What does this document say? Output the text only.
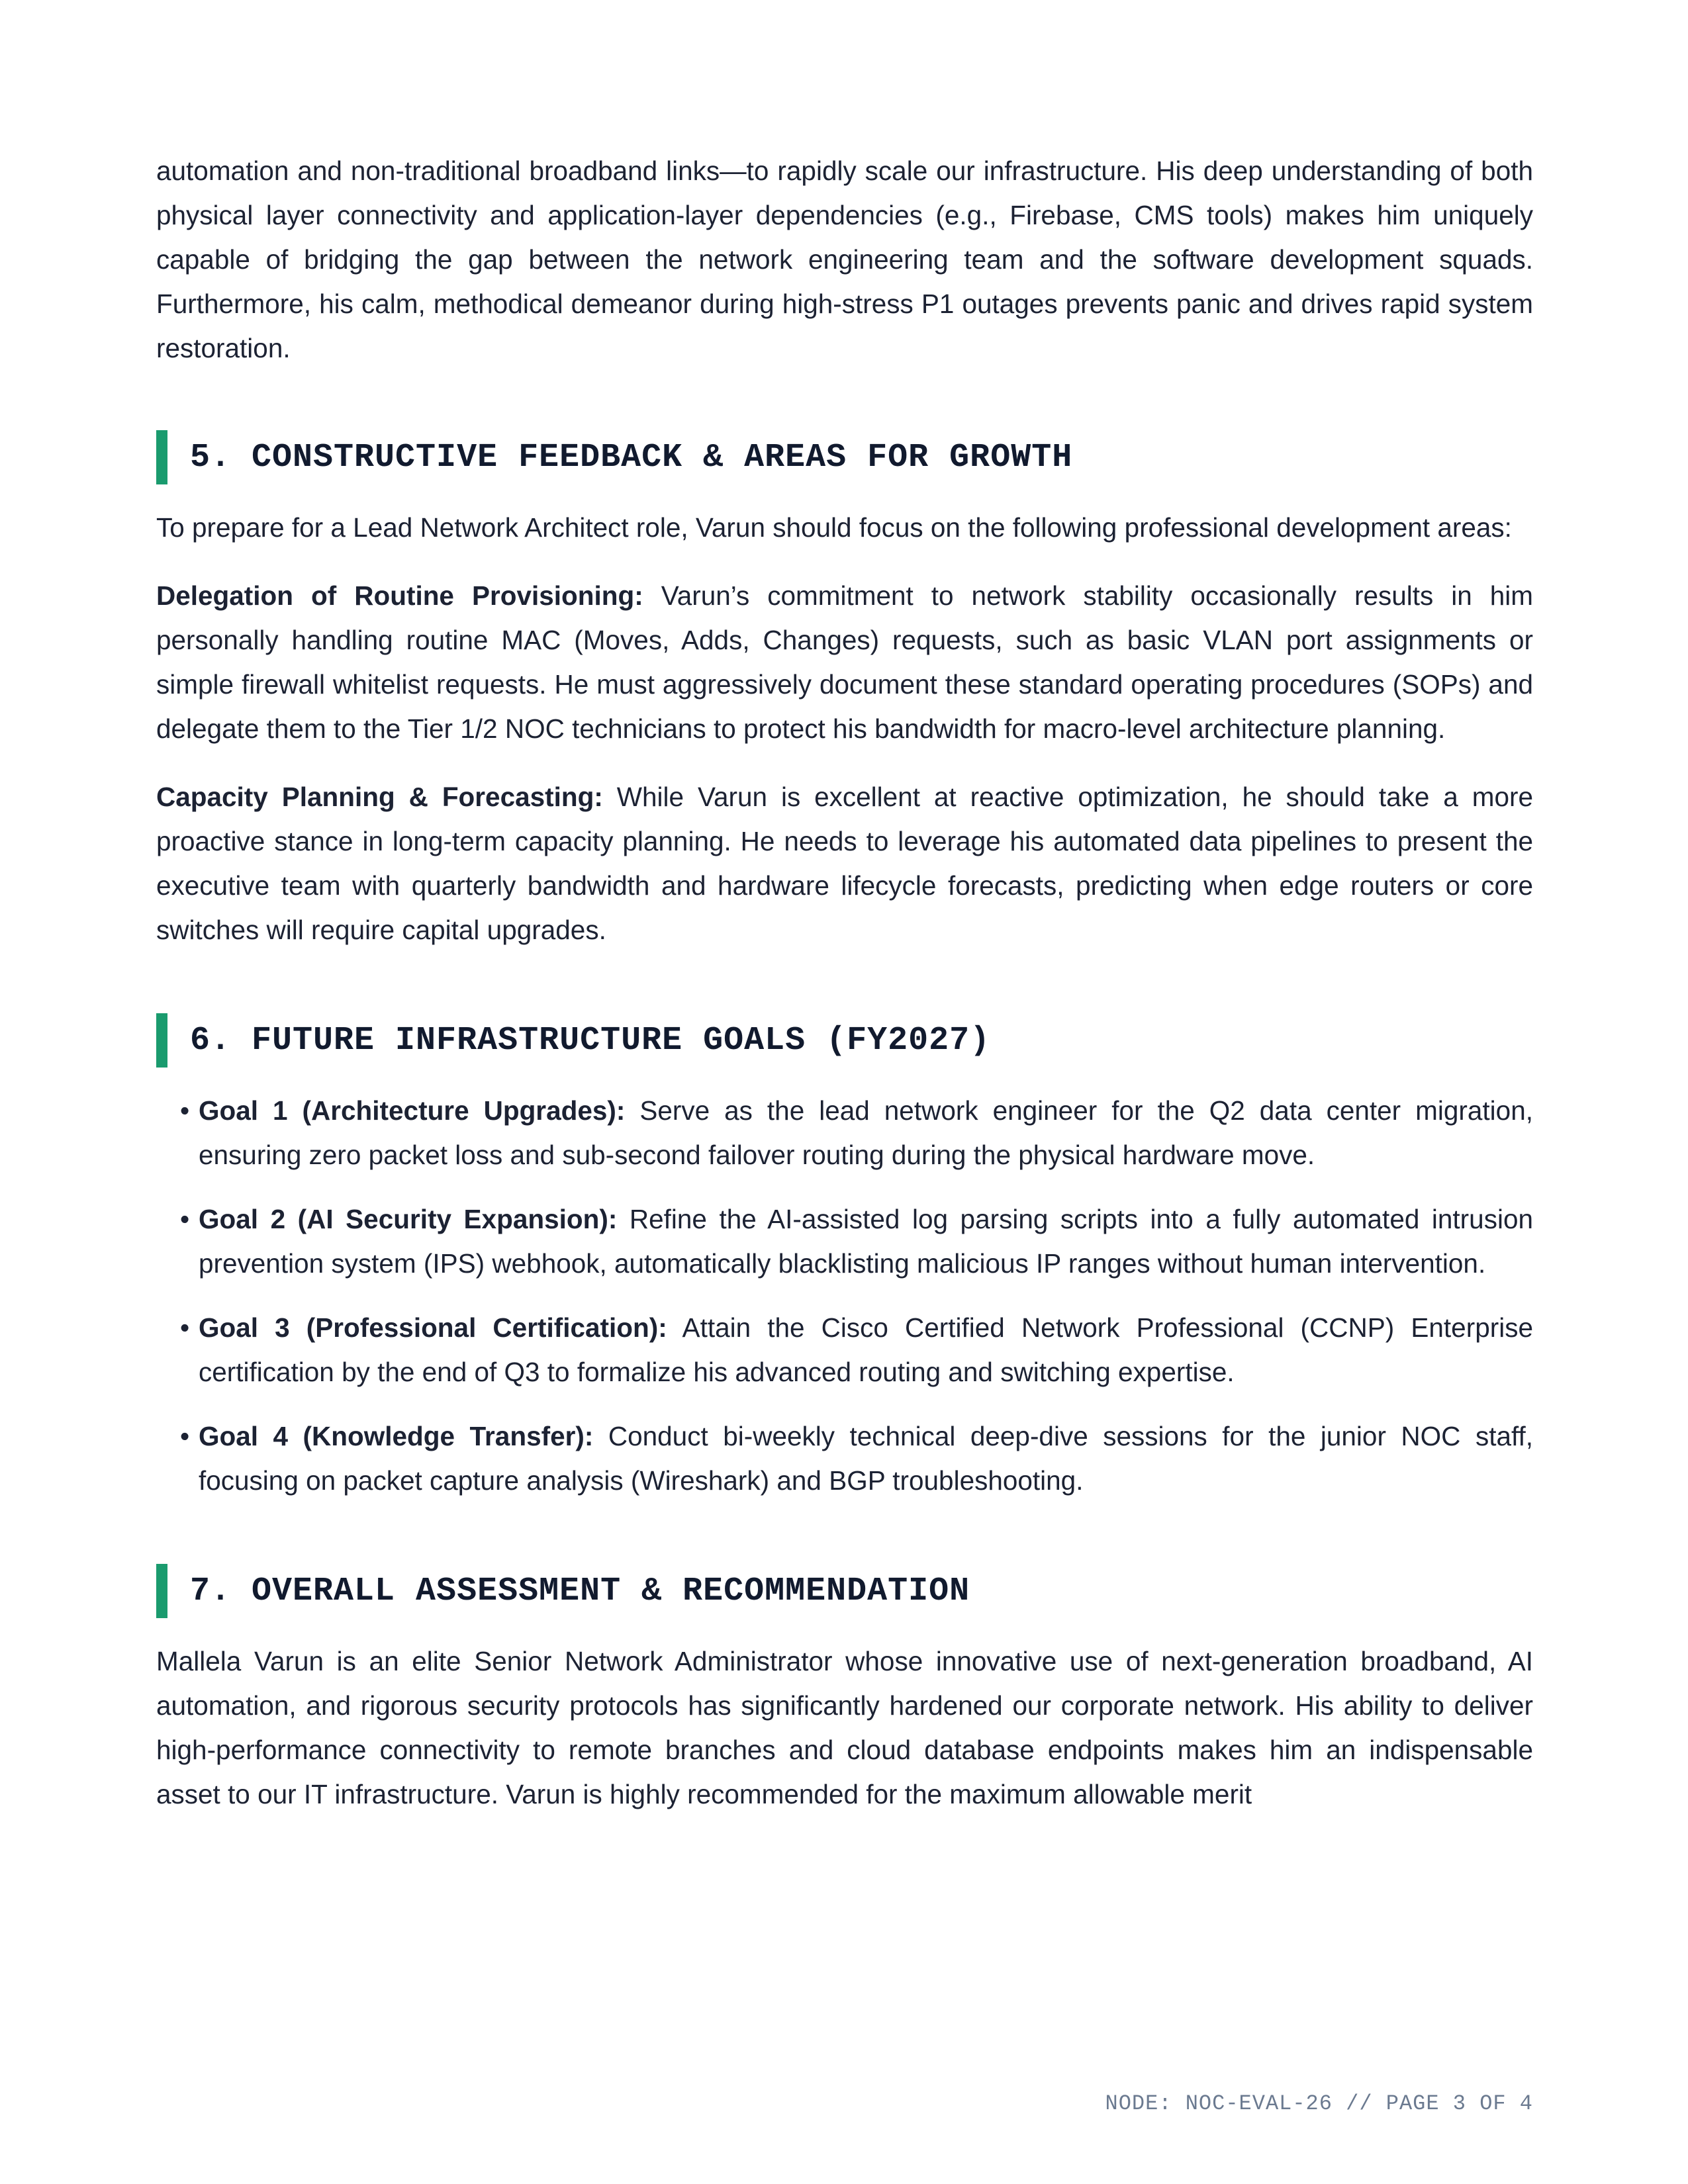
automation and non-traditional broadband links—to rapidly scale our infrastructure. His deep understanding of both physical layer connectivity and application-layer dependencies (e.g., Firebase, CMS tools) makes him uniquely capable of bridging the gap between the network engineering team and the software development squads. Furthermore, his calm, methodical demeanor during high-stress P1 outages prevents panic and drives rapid system restoration.

5. CONSTRUCTIVE FEEDBACK & AREAS FOR GROWTH

To prepare for a Lead Network Architect role, Varun should focus on the following professional development areas:

Delegation of Routine Provisioning: Varun’s commitment to network stability occasionally results in him personally handling routine MAC (Moves, Adds, Changes) requests, such as basic VLAN port assignments or simple firewall whitelist requests. He must aggressively document these standard operating procedures (SOPs) and delegate them to the Tier 1/2 NOC technicians to protect his bandwidth for macro-level architecture planning.

Capacity Planning & Forecasting: While Varun is excellent at reactive optimization, he should take a more proactive stance in long-term capacity planning. He needs to leverage his automated data pipelines to present the executive team with quarterly bandwidth and hardware lifecycle forecasts, predicting when edge routers or core switches will require capital upgrades.

6. FUTURE INFRASTRUCTURE GOALS (FY2027)
• Goal 1 (Architecture Upgrades): Serve as the lead network engineer for the Q2 data center migration, ensuring zero packet loss and sub-second failover routing during the physical hardware move.
• Goal 2 (AI Security Expansion): Refine the AI-assisted log parsing scripts into a fully automated intrusion prevention system (IPS) webhook, automatically blacklisting malicious IP ranges without human intervention.
• Goal 3 (Professional Certification): Attain the Cisco Certified Network Professional (CCNP) Enterprise certification by the end of Q3 to formalize his advanced routing and switching expertise.
• Goal 4 (Knowledge Transfer): Conduct bi-weekly technical deep-dive sessions for the junior NOC staff, focusing on packet capture analysis (Wireshark) and BGP troubleshooting.
7. OVERALL ASSESSMENT & RECOMMENDATION

Mallela Varun is an elite Senior Network Administrator whose innovative use of next-generation broadband, AI automation, and rigorous security protocols has significantly hardened our corporate network. His ability to deliver high-performance connectivity to remote branches and cloud database endpoints makes him an indispensable asset to our IT infrastructure. Varun is highly recommended for the maximum allowable merit

NODE: NOC-EVAL-26 // PAGE 3 OF 4
